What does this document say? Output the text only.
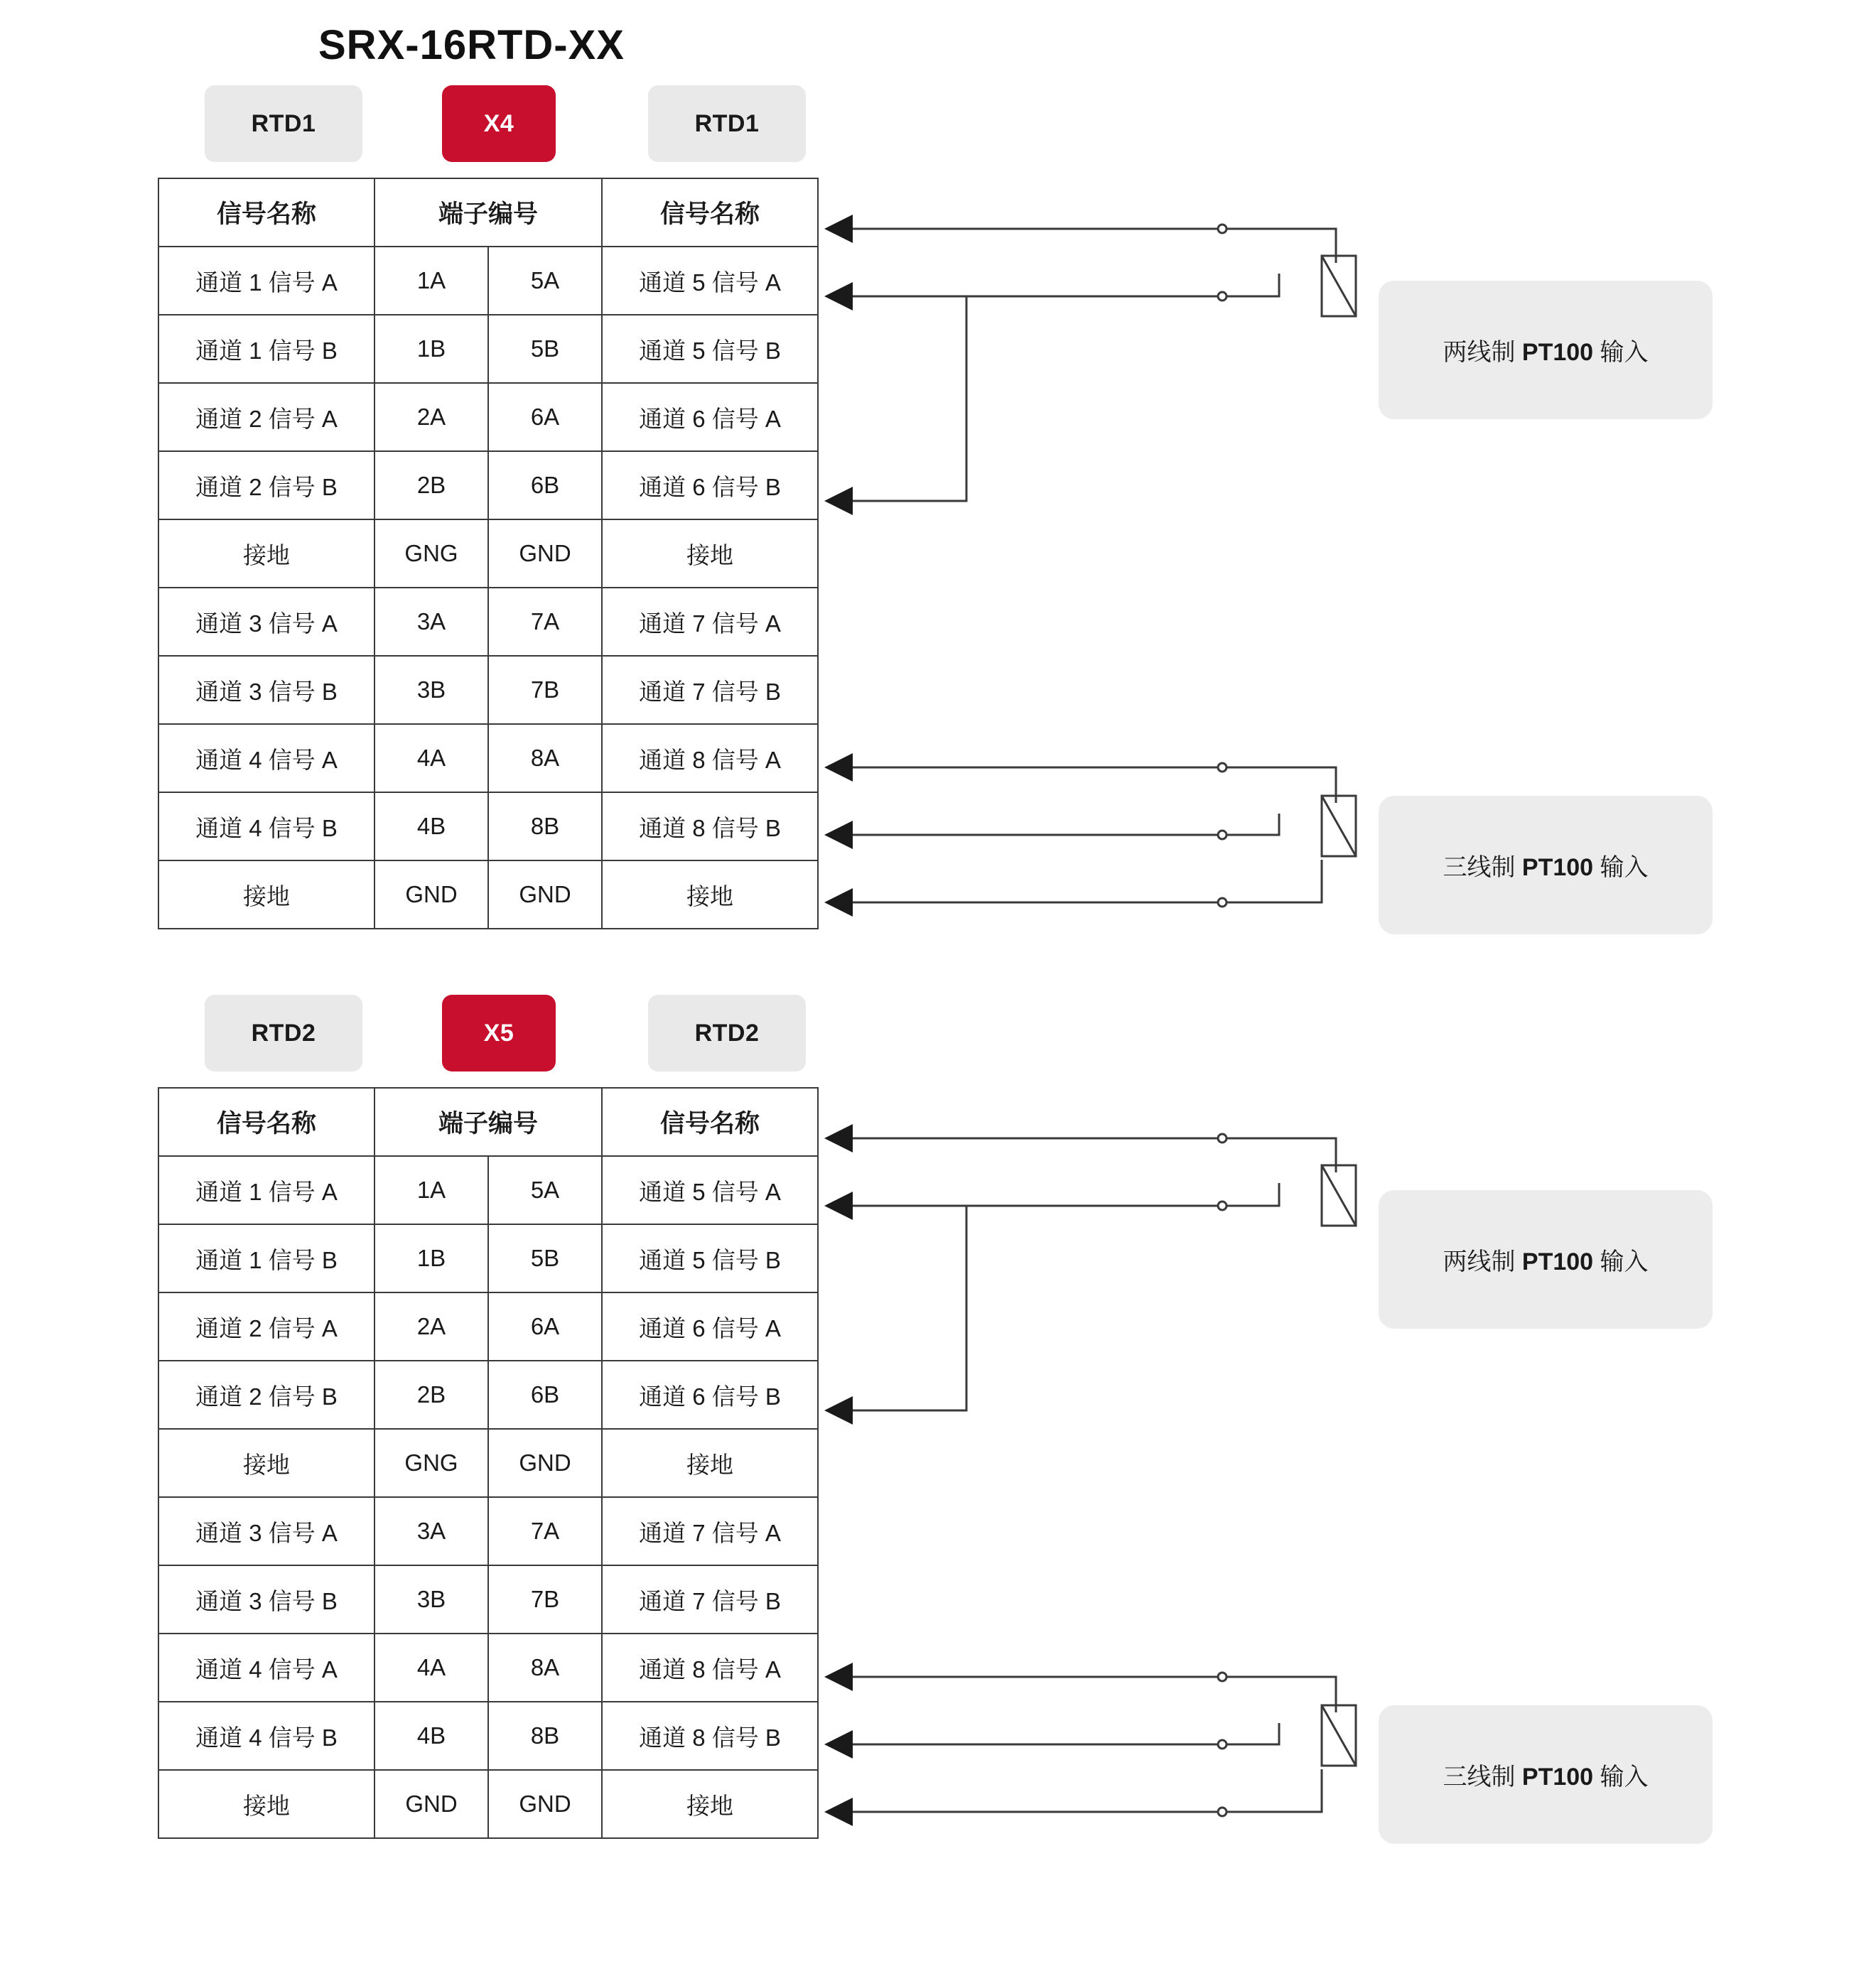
SRX-16RTD-XX
RTD1	X4	RTD1
信号名称	端子编号		信号名称
通道 1 信号 A	1A	5A	通道 5 信号 A
通道 1 信号 B	1B	5B	通道 5 信号 B
通道 2 信号 A	2A	6A	通道 6 信号 A
通道 2 信号 B	2B	6B	通道 6 信号 B
接地	GNG	GND	接地
通道 3 信号 A	3A	7A	通道 7 信号 A
通道 3 信号 B	3B	7B	通道 7 信号 B
通道 4 信号 A	4A	8A	通道 8 信号 A
通道 4 信号 B	4B	8B	通道 8 信号 B
接地	GND	GND	接地
两线制 PT100 输入
三线制 PT100 输入
RTD2	X5	RTD2
信号名称	端子编号		信号名称
通道 1 信号 A	1A	5A	通道 5 信号 A
通道 1 信号 B	1B	5B	通道 5 信号 B
通道 2 信号 A	2A	6A	通道 6 信号 A
通道 2 信号 B	2B	6B	通道 6 信号 B
接地	GNG	GND	接地
通道 3 信号 A	3A	7A	通道 7 信号 A
通道 3 信号 B	3B	7B	通道 7 信号 B
通道 4 信号 A	4A	8A	通道 8 信号 A
通道 4 信号 B	4B	8B	通道 8 信号 B
接地	GND	GND	接地
两线制 PT100 输入
三线制 PT100 输入
